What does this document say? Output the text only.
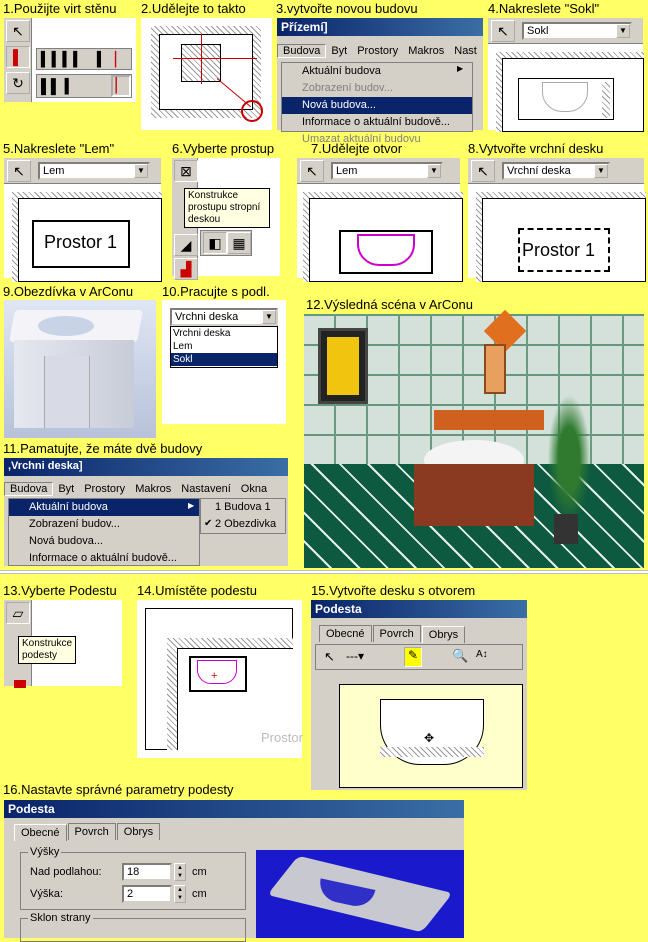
1.Použijte virt stěnu 2.Udělejte to takto 3.vytvořte novou budovu	4.Nakreslete "Sokl"
↖
▌
↻
▍▍▍▍ ▍ ▏
▌▌ ▍	▏
Přízemí]
Budova	Byt Prostory Makros Nast
Aktuální budova
Zobrazení budov...
Nová budova...
Informace o aktuální budově...
Umazat aktuální budovu
▶
↖	Sokl	▼
5.Nakreslete "Lem"	6.Vyberte prostup	7.Udělejte otvor	8.Vytvořte vrchní desku
↖	Lem	▼
Prostor 1
⊠
◢
▟
◧ ▦
Konstrukce prostupu stropní deskou
↖	Lem	▼	↖	Vrchní deska	▼
Prostor 1
9.Obezdívka v ArConu 10.Pracujte s podl.
12.Výsledná scéna v ArConu
Vrchni deska	▼
Vrchni deska
Lem
Sokl
11.Pamatujte, že máte dvě budovy
,Vrchni deska]
Budova	Byt Prostory Makros Nastavení Okna
Aktuální budova
Zobrazení budov...
Nová budova...
Informace o aktuální budově...
▶	1 Budova 1
2 Obezdivka
✔
13.Vyberte Podestu 14.Umístěte podestu	15.Vytvořte desku s otvorem
▱
Konstrukce podesty
+
Prostor
Podesta
Obecné Povrch Obrys
↖ ---▾	✎	🔍 A↕
✥
16.Nastavte správné parametry podesty
Podesta
Obecné Povrch Obrys
Výšky
Nad podlahou:	18	▲
▼ cm
Výška:	2	▲
▼ cm
Sklon strany
